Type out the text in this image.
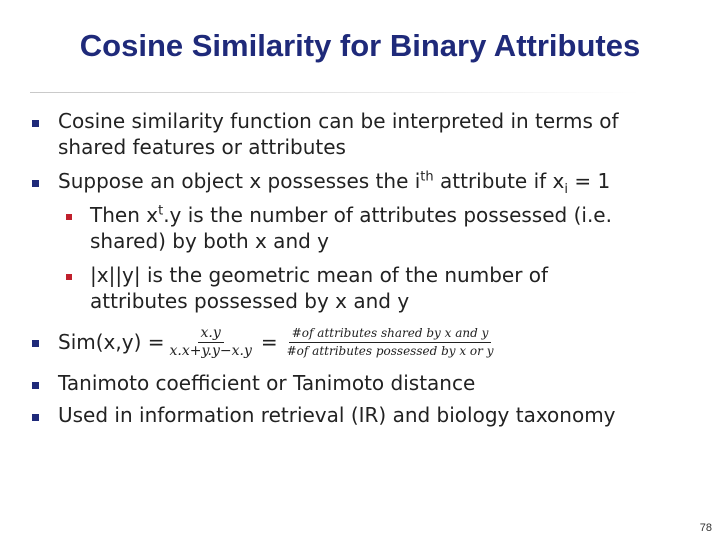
Cosine Similarity for Binary Attributes
Cosine similarity function can be interpreted in terms of
shared features or attributes
Suppose an object x possesses the $i^{th}$ attribute if $x_i = 1$
Then $x^t.y$ is the number of attributes possessed (i.e.
shared) by both x and y
|x||y| is the geometric mean of the number of
attributes possessed by x and y
$Sim(x,y) = \frac{x.y}{x.x+y.y-x.y} = \frac{\text{\#of attributes shared by x and y}}{\text{\#of attributes possessed by x or y}}$
Tanimoto coefficient or Tanimoto distance
Used in information retrieval (IR) and biology taxonomy
78
